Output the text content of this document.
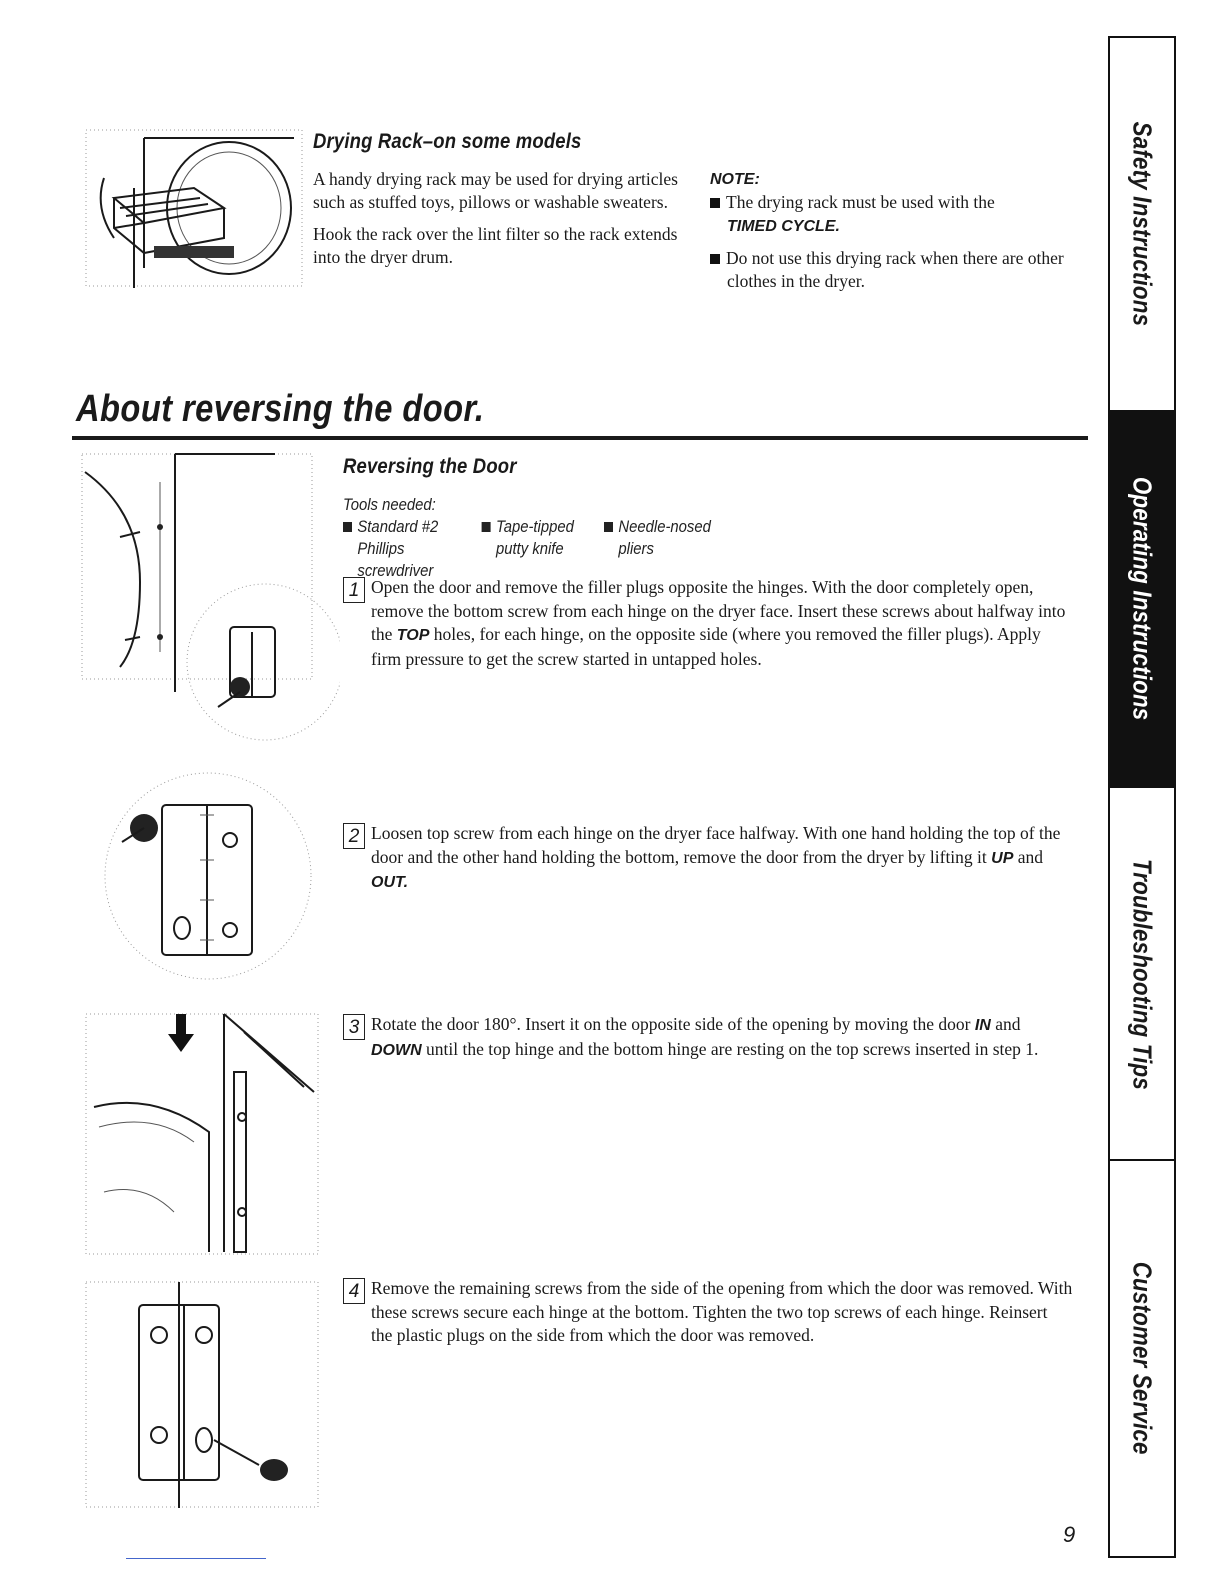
Drying Rack–on some models

A handy drying rack may be used for drying articles such as stuffed toys, pillows or washable sweaters.

Hook the rack over the lint filter so the rack extends into the dryer drum.

NOTE:
The drying rack must be used with the
TIMED CYCLE.
Do not use this drying rack when there are other clothes in the dryer.
About reversing the door.
Reversing the Door
Tools needed:
Standard #2
Phillips screwdriver
Tape-tipped
putty knife
Needle-nosed
pliers
1 Open the door and remove the filler plugs opposite the hinges. With the door completely open, remove the bottom screw from each hinge on the dryer face. Insert these screws about halfway into the TOP holes, for each hinge, on the opposite side (where you removed the filler plugs). Apply firm pressure to get the screw started in untapped holes.
2 Loosen top screw from each hinge on the dryer face halfway. With one hand holding the top of the door and the other hand holding the bottom, remove the door from the dryer by lifting it UP and OUT.
3 Rotate the door 180°. Insert it on the opposite side of the opening by moving the door IN and DOWN until the top hinge and the bottom hinge are resting on the top screws inserted in step 1.
4 Remove the remaining screws from the side of the opening from which the door was removed. With these screws secure each hinge at the bottom. Tighten the two top screws of each hinge. Reinsert the plastic plugs on the side from which the door was removed.
Safety Instructions
Operating Instructions
Troubleshooting Tips
Customer Service
9
